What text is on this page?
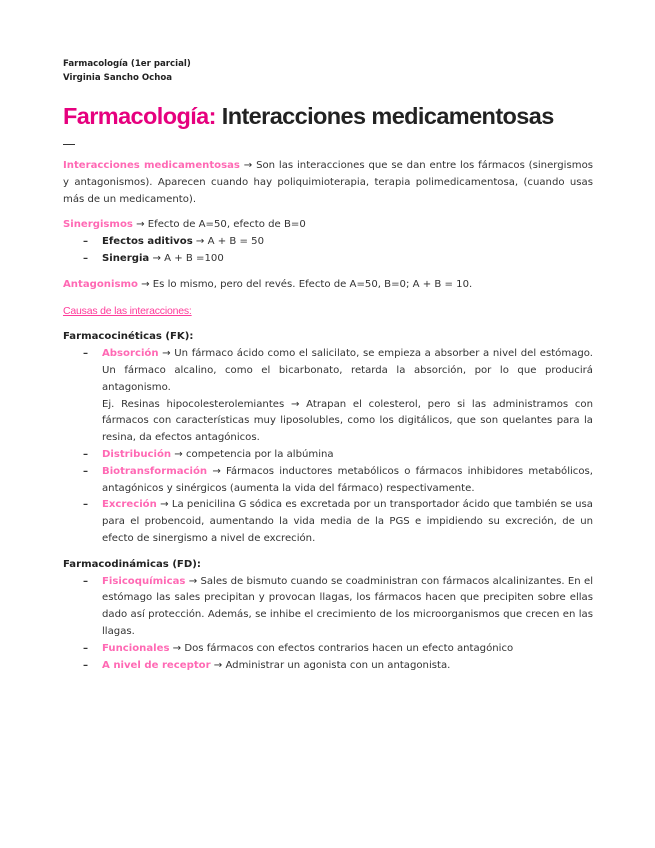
Farmacología (1er parcial)
Virginia Sancho Ochoa
Farmacología: Interacciones medicamentosas

Interacciones medicamentosas → Son las interacciones que se dan entre los fármacos (sinergismos y antagonismos). Aparecen cuando hay poliquimioterapia, terapia polimedicamentosa, (cuando usas más de un medicamento).

Sinergismos → Efecto de A=50, efecto de B=0

– Efectos aditivos → A + B = 50
– Sinergia → A + B =100

Antagonismo → Es lo mismo, pero del revés. Efecto de A=50, B=0; A + B = 10.

Causas de las interacciones:

Farmacocinéticas (FK):

– Absorción → Un fármaco ácido como el salicilato, se empieza a absorber a nivel del estómago. Un fármaco alcalino, como el bicarbonato, retarda la absorción, por lo que producirá antagonismo.
Ej. Resinas hipocolesterolemiantes → Atrapan el colesterol, pero si las administramos con fármacos con características muy liposolubles, como los digitálicos, que son quelantes para la resina, da efectos antagónicos.
– Distribución → competencia por la albúmina
– Biotransformación → Fármacos inductores metabólicos o fármacos inhibidores metabólicos, antagónicos y sinérgicos (aumenta la vida del fármaco) respectivamente.
– Excreción → La penicilina G sódica es excretada por un transportador ácido que también se usa para el probencoid, aumentando la vida media de la PGS e impidiendo su excreción, de un efecto de sinergismo a nivel de excreción.

Farmacodinámicas (FD):

– Fisicoquímicas → Sales de bismuto cuando se coadministran con fármacos alcalinizantes. En el estómago las sales precipitan y provocan llagas, los fármacos hacen que precipiten sobre ellas dado así protección. Además, se inhibe el crecimiento de los microorganismos que crecen en las llagas.
– Funcionales → Dos fármacos con efectos contrarios hacen un efecto antagónico
– A nivel de receptor → Administrar un agonista con un antagonista.
